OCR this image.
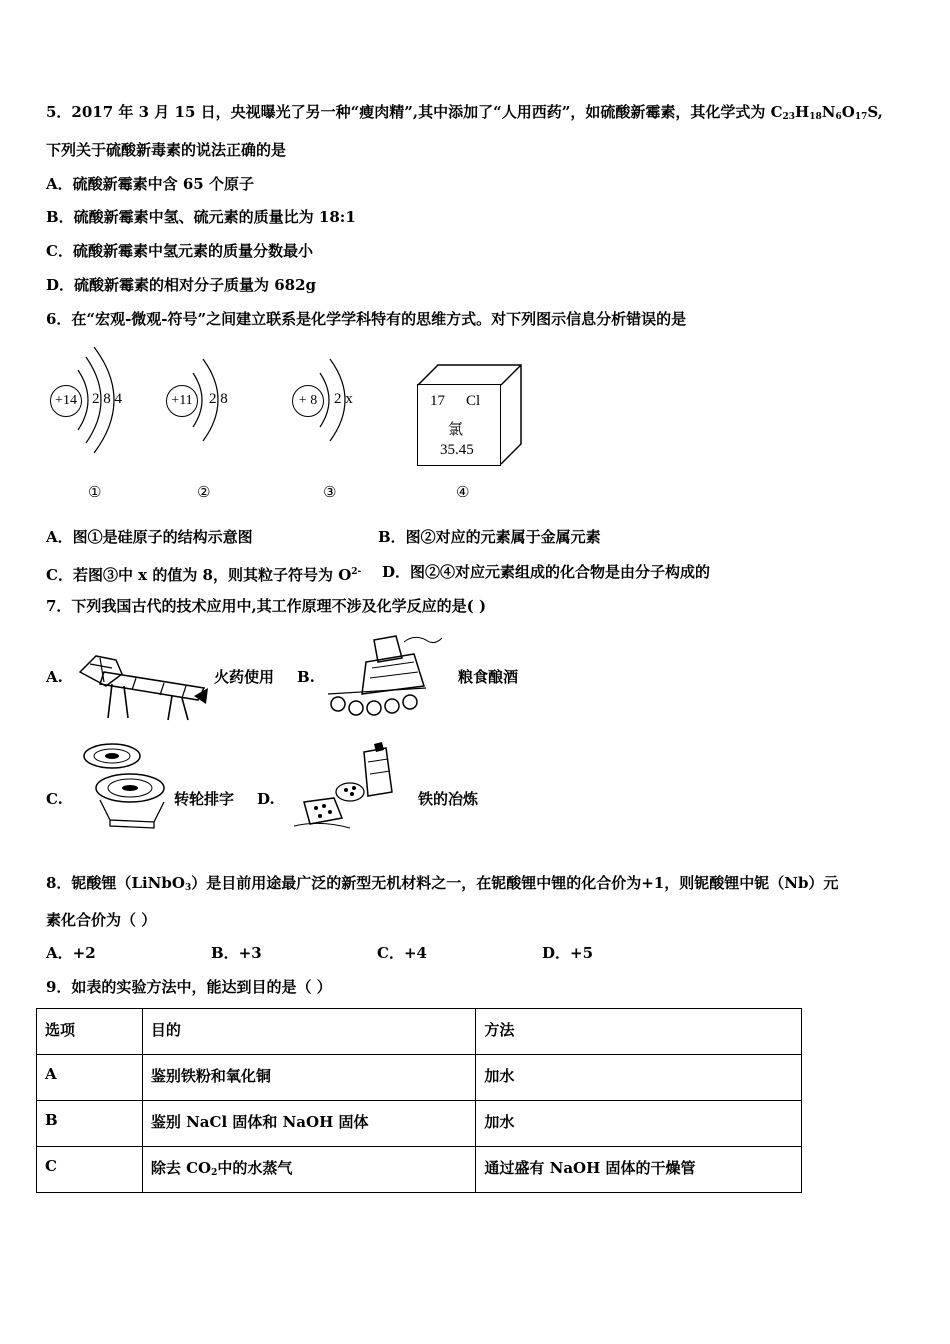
5．2017 年 3 月 15 日，央视曝光了另一种“瘦肉精”,其中添加了“人用西药”，如硫酸新霉素，其化学式为 $C_{23}H_{18}N_6O_{17}S$,
下列关于硫酸新毒素的说法正确的是
A．硫酸新霉素中含 65 个原子
B．硫酸新霉素中氢、硫元素的质量比为 18:1
C．硫酸新霉素中氢元素的质量分数最小
D．硫酸新霉素的相对分子质量为 682g
6．在“宏观-微观-符号”之间建立联系是化学学科特有的思维方式。对下列图示信息分析错误的是
+14	2 8 4	+11	2 8	+ 8	2 x	17 Cl
氯
35.45
①	②	③	④
A．图①是硅原子的结构示意图	B．图②对应的元素属于金属元素
C．若图③中 x 的值为 8，则其粒子符号为 $O^{2-}$ D．图②④对应元素组成的化合物是由分子构成的
7．下列我国古代的技术应用中,其工作原理不涉及化学反应的是( )
A.	火药使用 B.	粮食酿酒
C.	转轮排字 D.	铁的冶炼
8．铌酸锂（LiNbO$_3$）是目前用途最广泛的新型无机材料之一，在铌酸锂中锂的化合价为+1，则铌酸锂中铌（Nb）元
素化合价为（ ）
A．+2	B．+3	C．+4	D．+5
9．如表的实验方法中，能达到目的是（ ）
选项	目的	方法
A	鉴别铁粉和氧化铜	加水
B	鉴别 NaCl 固体和 NaOH 固体	加水
C	除去 $CO_2$中的水蒸气	通过盛有 NaOH 固体的干燥管
